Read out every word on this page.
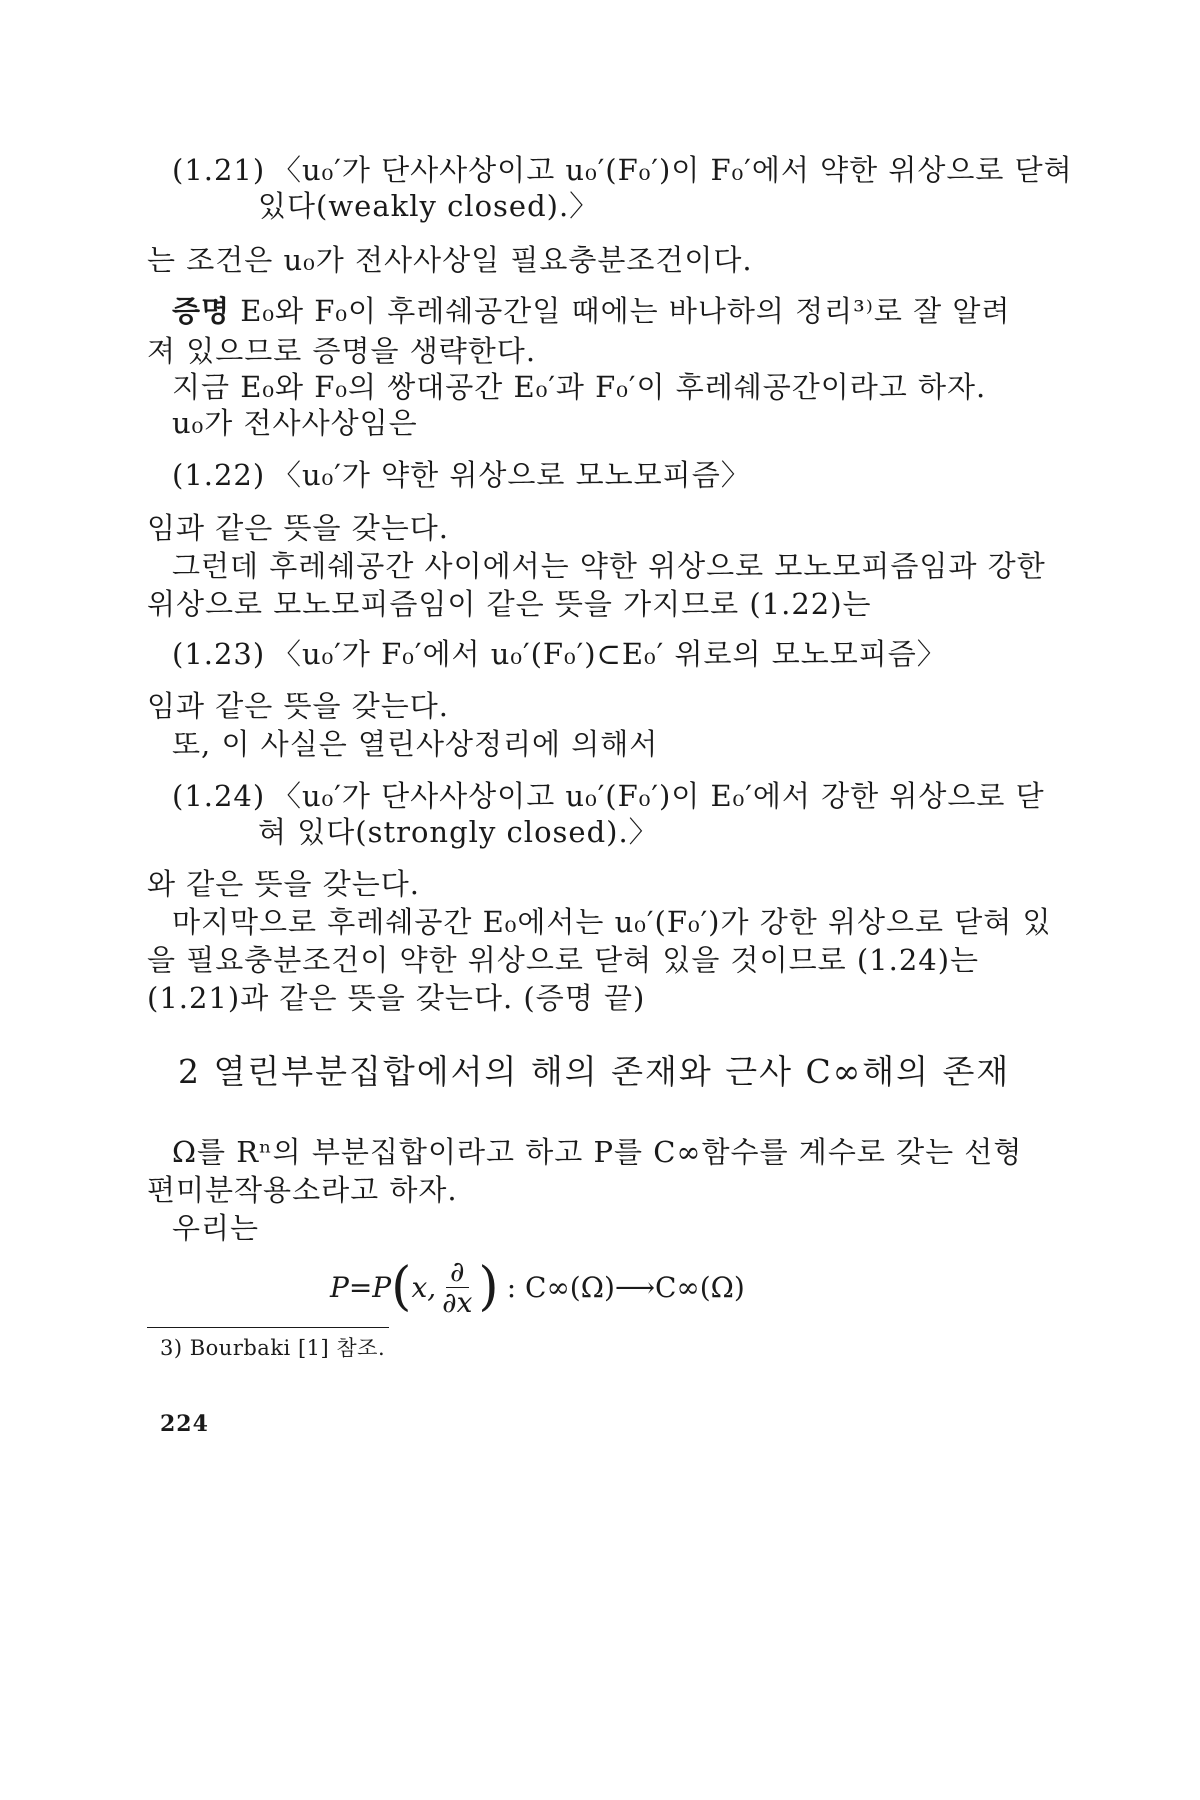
(1.21) 〈u₀′가 단사사상이고 u₀′(F₀′)이 F₀′에서 약한 위상으로 닫혀
있다(weakly closed).〉
는 조건은 u₀가 전사사상일 필요충분조건이다.
증명 E₀와 F₀이 후레쉐공간일 때에는 바나하의 정리³⁾로 잘 알려
져 있으므로 증명을 생략한다.
지금 E₀와 F₀의 쌍대공간 E₀′과 F₀′이 후레쉐공간이라고 하자.
u₀가 전사사상임은
(1.22) 〈u₀′가 약한 위상으로 모노모피즘〉
임과 같은 뜻을 갖는다.
그런데 후레쉐공간 사이에서는 약한 위상으로 모노모피즘임과 강한
위상으로 모노모피즘임이 같은 뜻을 가지므로 (1.22)는
(1.23) 〈u₀′가 F₀′에서 u₀′(F₀′)⊂E₀′ 위로의 모노모피즘〉
임과 같은 뜻을 갖는다.
또, 이 사실은 열린사상정리에 의해서
(1.24) 〈u₀′가 단사사상이고 u₀′(F₀′)이 E₀′에서 강한 위상으로 닫
혀 있다(strongly closed).〉
와 같은 뜻을 갖는다.
마지막으로 후레쉐공간 E₀에서는 u₀′(F₀′)가 강한 위상으로 닫혀 있
을 필요충분조건이 약한 위상으로 닫혀 있을 것이므로 (1.24)는
(1.21)과 같은 뜻을 갖는다. (증명 끝)
2 열린부분집합에서의 해의 존재와 근사 C∞해의 존재
Ω를 Rⁿ의 부분집합이라고 하고 P를 C∞함수를 계수로 갖는 선형
편미분작용소라고 하자.
우리는
P=P ( x, ∂
∂x ) : C∞(Ω)⟶C∞(Ω)
3) Bourbaki [1] 참조.
224
